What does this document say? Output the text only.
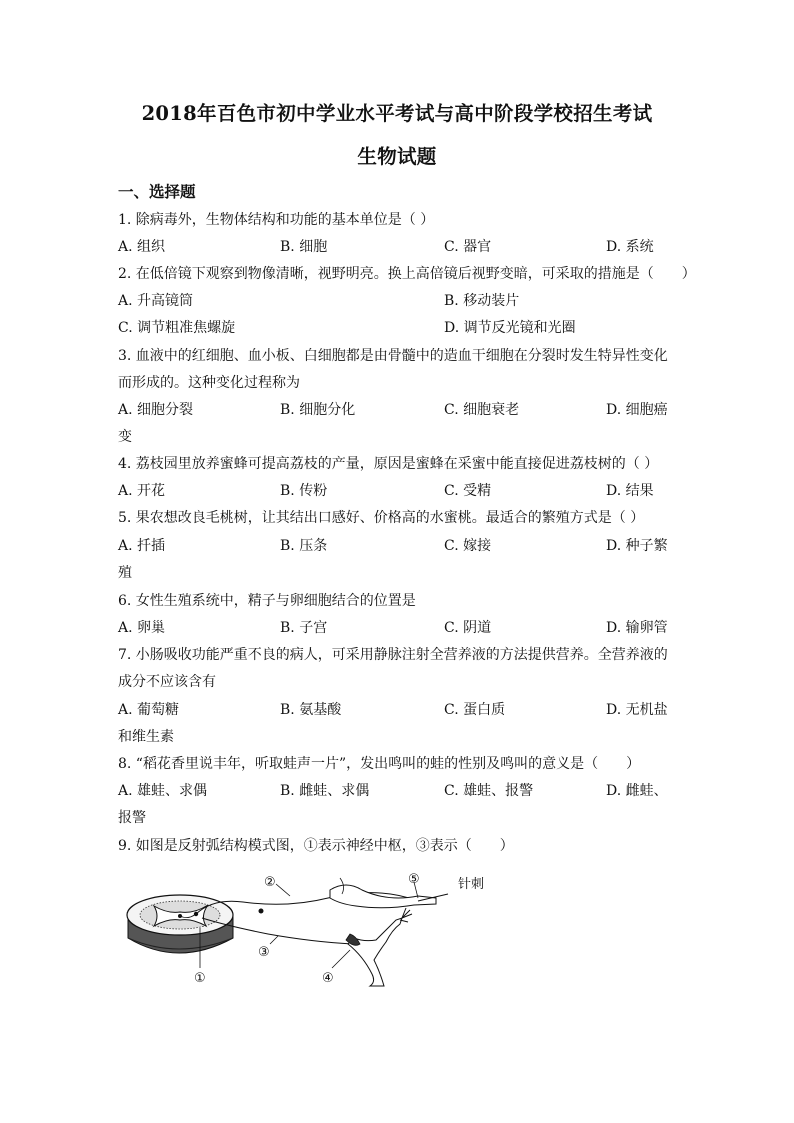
2018年百色市初中学业水平考试与高中阶段学校招生考试
生物试题
一、选择题
1. 除病毒外，生物体结构和功能的基本单位是（ ）
A. 组织	B. 细胞	C. 器官	D. 系统
2. 在低倍镜下观察到物像清晰，视野明亮。换上高倍镜后视野变暗，可采取的措施是（　　）
A. 升高镜筒	B. 移动装片
C. 调节粗准焦螺旋	D. 调节反光镜和光圈
3. 血液中的红细胞、血小板、白细胞都是由骨髓中的造血干细胞在分裂时发生特异性变化
而形成的。这种变化过程称为
A. 细胞分裂	B. 细胞分化	C. 细胞衰老	D. 细胞癌
变
4. 荔枝园里放养蜜蜂可提高荔枝的产量，原因是蜜蜂在采蜜中能直接促进荔枝树的（ ）
A. 开花	B. 传粉	C. 受精	D. 结果
5. 果农想改良毛桃树，让其结出口感好、价格高的水蜜桃。最适合的繁殖方式是（ ）
A. 扦插	B. 压条	C. 嫁接	D. 种子繁
殖
6. 女性生殖系统中，精子与卵细胞结合的位置是
A. 卵巢	B. 子宫	C. 阴道	D. 输卵管
7. 小肠吸收功能严重不良的病人，可采用静脉注射全营养液的方法提供营养。全营养液的
成分不应该含有
A. 葡萄糖	B. 氨基酸	C. 蛋白质	D. 无机盐
和维生素
8. “稻花香里说丰年，听取蛙声一片”，发出鸣叫的蛙的性别及鸣叫的意义是（　　）
A. 雄蛙、求偶	B. 雌蛙、求偶	C. 雄蛙、报警	D. 雌蛙、
报警
9. 如图是反射弧结构模式图，①表示神经中枢，③表示（　　）
①
②
③
④
⑤	针刺
